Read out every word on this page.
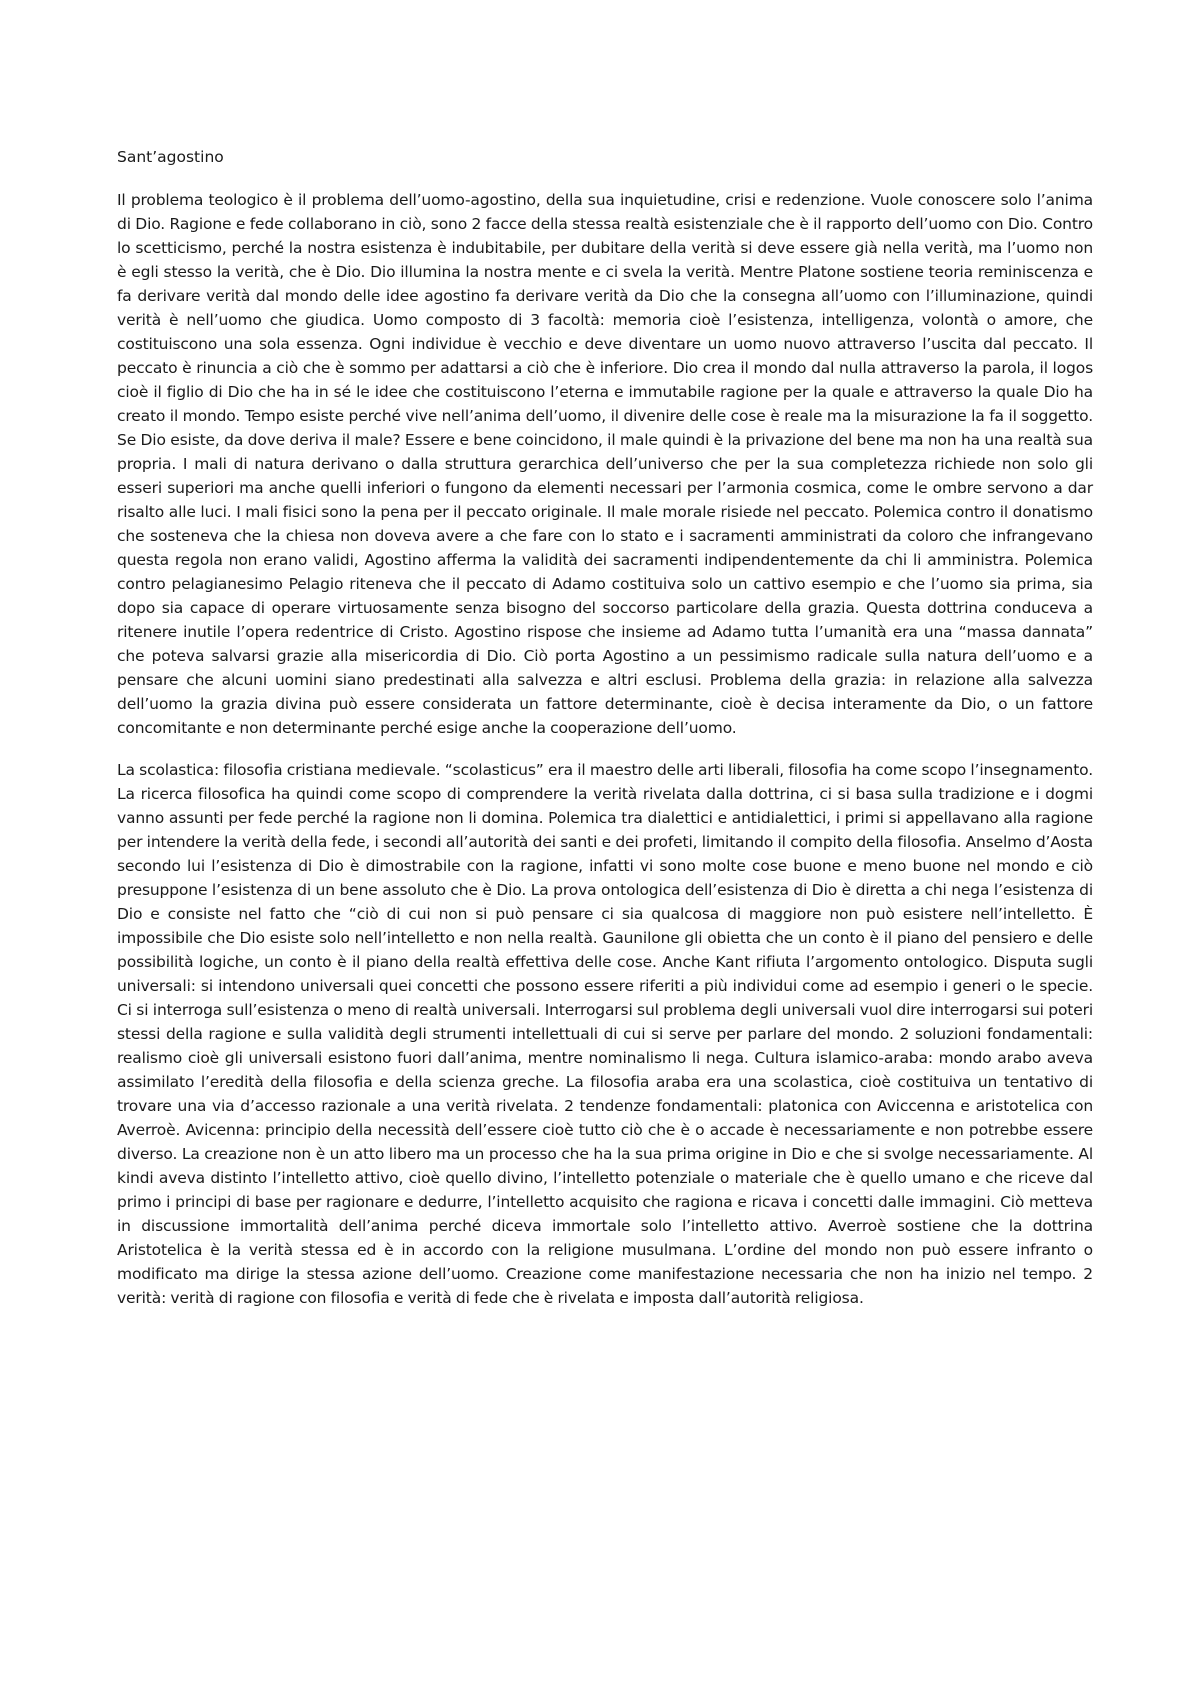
Sant’agostino

Il problema teologico è il problema dell’uomo-agostino, della sua inquietudine, crisi e redenzione. Vuole conoscere solo l’anima di Dio. Ragione e fede collaborano in ciò, sono 2 facce della stessa realtà esistenziale che è il rapporto dell’uomo con Dio. Contro lo scetticismo, perché la nostra esistenza è indubitabile, per dubitare della verità si deve essere già nella verità, ma l’uomo non è egli stesso la verità, che è Dio. Dio illumina la nostra mente e ci svela la verità. Mentre Platone sostiene teoria reminiscenza e fa derivare verità dal mondo delle idee agostino fa derivare verità da Dio che la consegna all’uomo con l’illuminazione, quindi verità è nell’uomo che giudica. Uomo composto di 3 facoltà: memoria cioè l’esistenza, intelligenza, volontà o amore, che costituiscono una sola essenza. Ogni individue è vecchio e deve diventare un uomo nuovo attraverso l’uscita dal peccato. Il peccato è rinuncia a ciò che è sommo per adattarsi a ciò che è inferiore. Dio crea il mondo dal nulla attraverso la parola, il logos cioè il figlio di Dio che ha in sé le idee che costituiscono l’eterna e immutabile ragione per la quale e attraverso la quale Dio ha creato il mondo. Tempo esiste perché vive nell’anima dell’uomo, il divenire delle cose è reale ma la misurazione la fa il soggetto. Se Dio esiste, da dove deriva il male? Essere e bene coincidono, il male quindi è la privazione del bene ma non ha una realtà sua propria. I mali di natura derivano o dalla struttura gerarchica dell’universo che per la sua completezza richiede non solo gli esseri superiori ma anche quelli inferiori o fungono da elementi necessari per l’armonia cosmica, come le ombre servono a dar risalto alle luci. I mali fisici sono la pena per il peccato originale. Il male morale risiede nel peccato. Polemica contro il donatismo che sosteneva che la chiesa non doveva avere a che fare con lo stato e i sacramenti amministrati da coloro che infrangevano questa regola non erano validi, Agostino afferma la validità dei sacramenti indipendentemente da chi li amministra. Polemica contro pelagianesimo Pelagio riteneva che il peccato di Adamo costituiva solo un cattivo esempio e che l’uomo sia prima, sia dopo sia capace di operare virtuosamente senza bisogno del soccorso particolare della grazia. Questa dottrina conduceva a ritenere inutile l’opera redentrice di Cristo. Agostino rispose che insieme ad Adamo tutta l’umanità era una “massa dannata” che poteva salvarsi grazie alla misericordia di Dio. Ciò porta Agostino a un pessimismo radicale sulla natura dell’uomo e a pensare che alcuni uomini siano predestinati alla salvezza e altri esclusi. Problema della grazia: in relazione alla salvezza dell’uomo la grazia divina può essere considerata un fattore determinante, cioè è decisa interamente da Dio, o un fattore concomitante e non determinante perché esige anche la cooperazione dell’uomo.

La scolastica: filosofia cristiana medievale. “scolasticus” era il maestro delle arti liberali, filosofia ha come scopo l’insegnamento. La ricerca filosofica ha quindi come scopo di comprendere la verità rivelata dalla dottrina, ci si basa sulla tradizione e i dogmi vanno assunti per fede perché la ragione non li domina. Polemica tra dialettici e antidialettici, i primi si appellavano alla ragione per intendere la verità della fede, i secondi all’autorità dei santi e dei profeti, limitando il compito della filosofia. Anselmo d’Aosta secondo lui l’esistenza di Dio è dimostrabile con la ragione, infatti vi sono molte cose buone e meno buone nel mondo e ciò presuppone l’esistenza di un bene assoluto che è Dio. La prova ontologica dell’esistenza di Dio è diretta a chi nega l’esistenza di Dio e consiste nel fatto che “ciò di cui non si può pensare ci sia qualcosa di maggiore non può esistere nell’intelletto. È impossibile che Dio esiste solo nell’intelletto e non nella realtà. Gaunilone gli obietta che un conto è il piano del pensiero e delle possibilità logiche, un conto è il piano della realtà effettiva delle cose. Anche Kant rifiuta l’argomento ontologico. Disputa sugli universali: si intendono universali quei concetti che possono essere riferiti a più individui come ad esempio i generi o le specie. Ci si interroga sull’esistenza o meno di realtà universali. Interrogarsi sul problema degli universali vuol dire interrogarsi sui poteri stessi della ragione e sulla validità degli strumenti intellettuali di cui si serve per parlare del mondo. 2 soluzioni fondamentali: realismo cioè gli universali esistono fuori dall’anima, mentre nominalismo li nega. Cultura islamico-araba: mondo arabo aveva assimilato l’eredità della filosofia e della scienza greche. La filosofia araba era una scolastica, cioè costituiva un tentativo di trovare una via d’accesso razionale a una verità rivelata. 2 tendenze fondamentali: platonica con Aviccenna e aristotelica con Averroè. Avicenna: principio della necessità dell’essere cioè tutto ciò che è o accade è necessariamente e non potrebbe essere diverso. La creazione non è un atto libero ma un processo che ha la sua prima origine in Dio e che si svolge necessariamente. Al kindi aveva distinto l’intelletto attivo, cioè quello divino, l’intelletto potenziale o materiale che è quello umano e che riceve dal primo i principi di base per ragionare e dedurre, l’intelletto acquisito che ragiona e ricava i concetti dalle immagini. Ciò metteva in discussione immortalità dell’anima perché diceva immortale solo l’intelletto attivo. Averroè sostiene che la dottrina Aristotelica è la verità stessa ed è in accordo con la religione musulmana. L’ordine del mondo non può essere infranto o modificato ma dirige la stessa azione dell’uomo. Creazione come manifestazione necessaria che non ha inizio nel tempo. 2 verità: verità di ragione con filosofia e verità di fede che è rivelata e imposta dall’autorità religiosa.
